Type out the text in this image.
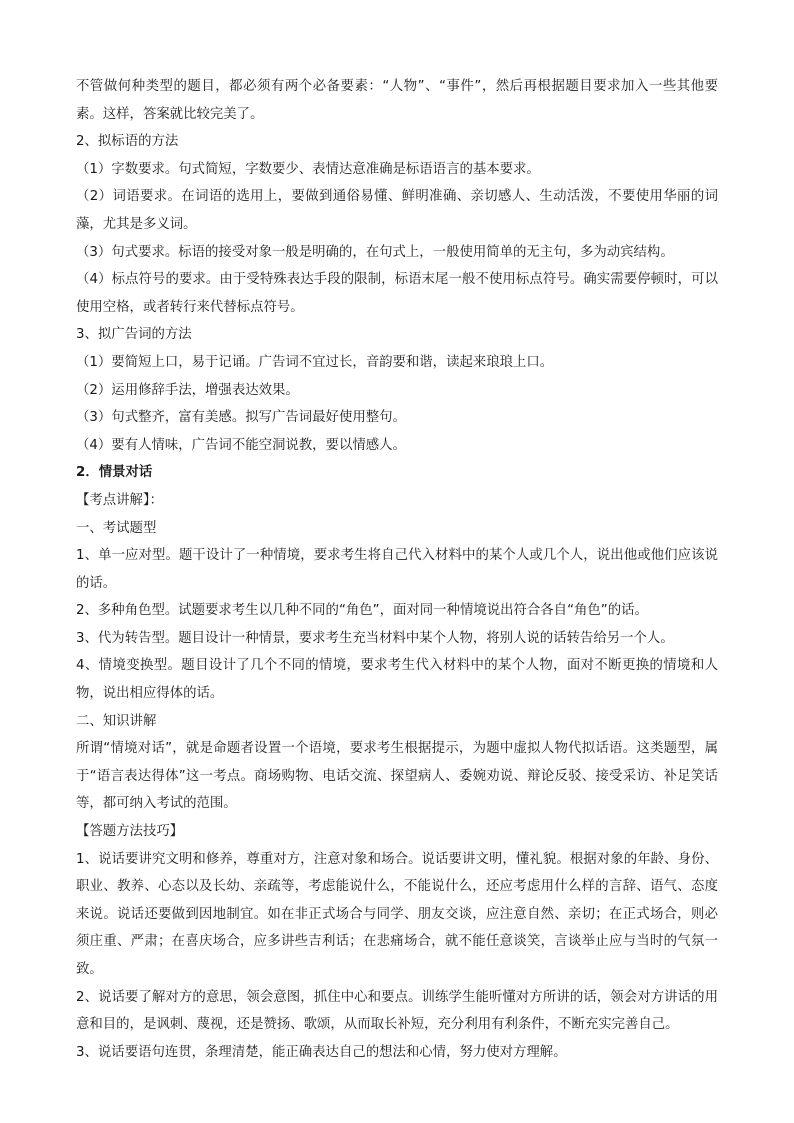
不管做何种类型的题目，都必须有两个必备要素：“人物”、“事件”，然后再根据题目要求加入一些其他要素。这样，答案就比较完美了。

2、拟标语的方法

（1）字数要求。句式简短，字数要少、表情达意准确是标语语言的基本要求。

（2）词语要求。在词语的选用上，要做到通俗易懂、鲜明准确、亲切感人、生动活泼，不要使用华丽的词藻，尤其是多义词。

（3）句式要求。标语的接受对象一般是明确的，在句式上，一般使用简单的无主句，多为动宾结构。

（4）标点符号的要求。由于受特殊表达手段的限制，标语末尾一般不使用标点符号。确实需要停顿时，可以使用空格，或者转行来代替标点符号。

3、拟广告词的方法

（1）要简短上口，易于记诵。广告词不宜过长，音韵要和谐，读起来琅琅上口。

（2）运用修辞手法，增强表达效果。

（3）句式整齐，富有美感。拟写广告词最好使用整句。

（4）要有人情味，广告词不能空洞说教，要以情感人。

2．情景对话

【考点讲解】：

一、考试题型

1、单一应对型。题干设计了一种情境，要求考生将自己代入材料中的某个人或几个人，说出他或他们应该说的话。

2、多种角色型。试题要求考生以几种不同的“角色”，面对同一种情境说出符合各自“角色”的话。

3、代为转告型。题目设计一种情景，要求考生充当材料中某个人物，将别人说的话转告给另一个人。

4、情境变换型。题目设计了几个不同的情境，要求考生代入材料中的某个人物，面对不断更换的情境和人物，说出相应得体的话。

二、知识讲解

所谓“情境对话”，就是命题者设置一个语境，要求考生根据提示，为题中虚拟人物代拟话语。这类题型，属于“语言表达得体”这一考点。商场购物、电话交流、探望病人、委婉劝说、辩论反驳、接受采访、补足笑话等，都可纳入考试的范围。

【答题方法技巧】

1、说话要讲究文明和修养，尊重对方，注意对象和场合。说话要讲文明，懂礼貌。根据对象的年龄、身份、职业、教养、心态以及长幼、亲疏等，考虑能说什么，不能说什么，还应考虑用什么样的言辞、语气、态度来说。说话还要做到因地制宜。如在非正式场合与同学、朋友交谈，应注意自然、亲切；在正式场合，则必须庄重、严肃；在喜庆场合，应多讲些吉利话；在悲痛场合，就不能任意谈笑，言谈举止应与当时的气氛一致。

2、说话要了解对方的意思，领会意图，抓住中心和要点。训练学生能听懂对方所讲的话，领会对方讲话的用意和目的，是讽刺、蔑视，还是赞扬、歌颂，从而取长补短，充分利用有利条件，不断充实完善自己。

3、说话要语句连贯，条理清楚，能正确表达自己的想法和心情，努力使对方理解。
